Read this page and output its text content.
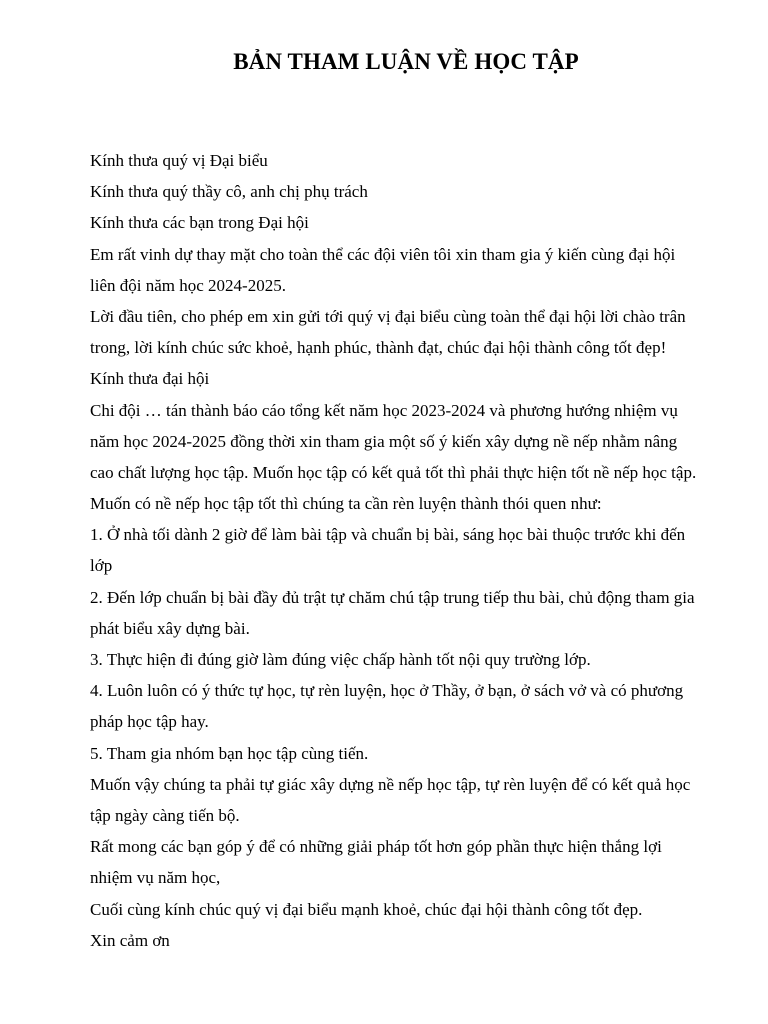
BẢN THAM LUẬN VỀ HỌC TẬP
Kính thưa quý vị Đại biểu
Kính thưa quý thầy cô, anh chị phụ trách
Kính thưa các bạn trong Đại hội
Em rất vinh dự thay mặt cho toàn thể các đội viên tôi xin tham gia ý kiến cùng đại hội
liên đội năm học 2024-2025.
Lời đầu tiên, cho phép em xin gửi tới quý vị đại biểu cùng toàn thể đại hội lời chào trân
trong, lời kính chúc sức khoẻ, hạnh phúc, thành đạt, chúc đại hội thành công tốt đẹp!
Kính thưa đại hội
Chi đội … tán thành báo cáo tổng kết năm học 2023-2024 và phương hướng nhiệm vụ
năm học 2024-2025 đồng thời xin tham gia một số ý kiến xây dựng nề nếp nhằm nâng
cao chất lượng học tập. Muốn học tập có kết quả tốt thì phải thực hiện tốt nề nếp học tập.
Muốn có nề nếp học tập tốt thì chúng ta cần rèn luyện thành thói quen như:
1. Ở nhà tối dành 2 giờ để làm bài tập và chuẩn bị bài, sáng học bài thuộc trước khi đến
lớp
2. Đến lớp chuẩn bị bài đầy đủ trật tự chăm chú tập trung tiếp thu bài, chủ động tham gia
phát biểu xây dựng bài.
3. Thực hiện đi đúng giờ làm đúng việc chấp hành tốt nội quy trường lớp.
4. Luôn luôn có ý thức tự học, tự rèn luyện, học ở Thầy, ở bạn, ở sách vở và có phương
pháp học tập hay.
5. Tham gia nhóm bạn học tập cùng tiến.
Muốn vậy chúng ta phải tự giác xây dựng nề nếp học tập, tự rèn luyện để có kết quả học
tập ngày càng tiến bộ.
Rất mong các bạn góp ý để có những giải pháp tốt hơn góp phần thực hiện thắng lợi
nhiệm vụ năm học,
Cuối cùng kính chúc quý vị đại biểu mạnh khoẻ, chúc đại hội thành công tốt đẹp.
Xin cảm ơn
